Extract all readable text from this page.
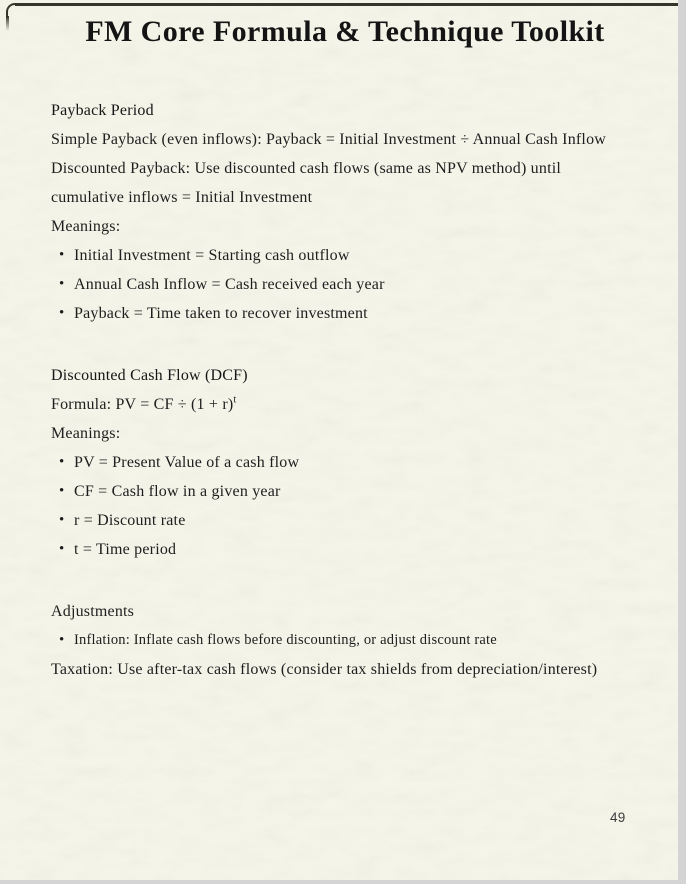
FM Core Formula & Technique Toolkit
Payback Period

Simple Payback (even inflows): Payback = Initial Investment ÷ Annual Cash Inflow

Discounted Payback: Use discounted cash flows (same as NPV method) until cumulative inflows = Initial Investment

Meanings:

• Initial Investment = Starting cash outflow
• Annual Cash Inflow = Cash received each year
• Payback = Time taken to recover investment
Discounted Cash Flow (DCF)

Formula: PV = CF ÷ $(1 + r)^t$

Meanings:

• PV = Present Value of a cash flow
• CF = Cash flow in a given year
• r = Discount rate
• t = Time period
Adjustments
• Inflation: Inflate cash flows before discounting, or adjust discount rate

Taxation: Use after-tax cash flows (consider tax shields from depreciation⁠/⁠interest)

49
